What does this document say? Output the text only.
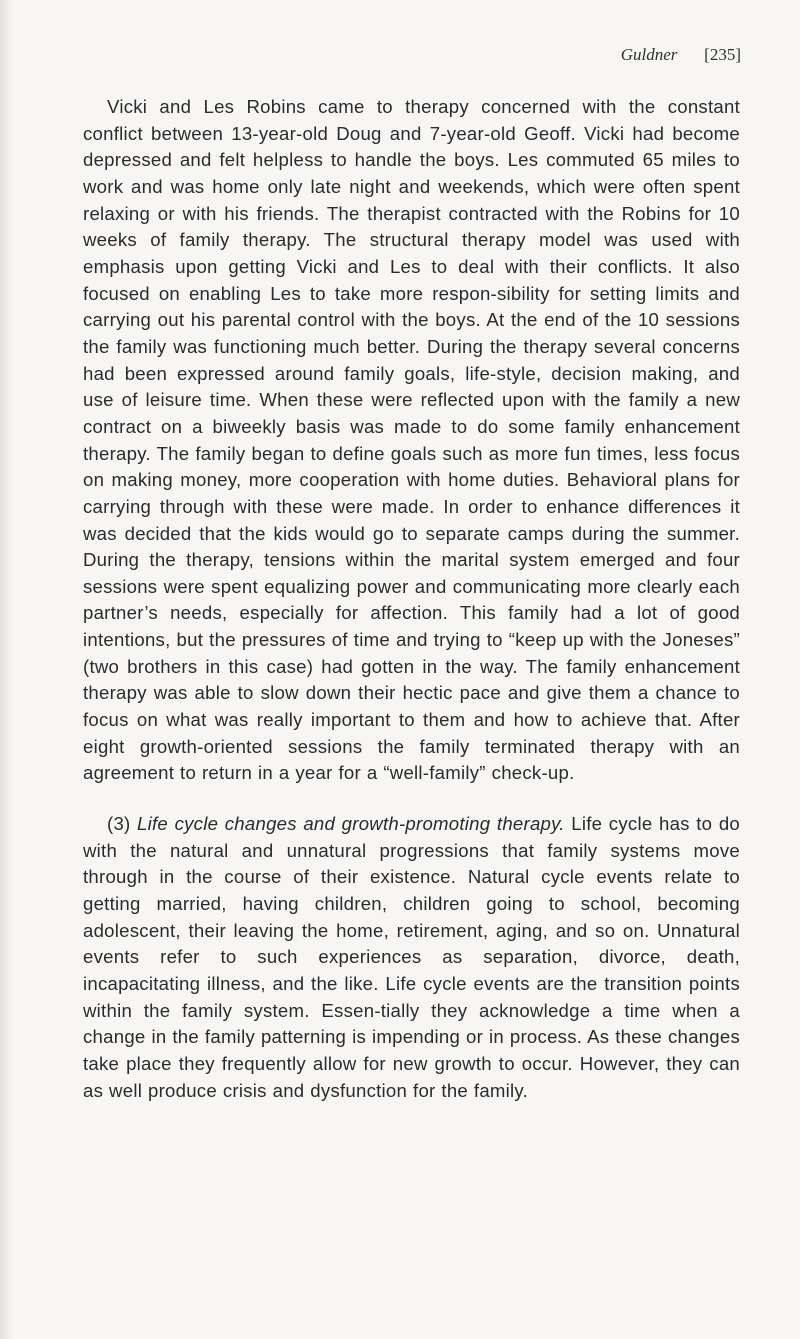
Guldner [235]

Vicki and Les Robins came to therapy concerned with the constant conflict between 13-year-old Doug and 7-year-old Geoff. Vicki had become depressed and felt helpless to handle the boys. Les commuted 65 miles to work and was home only late night and weekends, which were often spent relaxing or with his friends. The therapist contracted with the Robins for 10 weeks of family therapy. The structural therapy model was used with emphasis upon getting Vicki and Les to deal with their conflicts. It also focused on enabling Les to take more respon-sibility for setting limits and carrying out his parental control with the boys. At the end of the 10 sessions the family was functioning much better. During the therapy several concerns had been expressed around family goals, life-style, decision making, and use of leisure time. When these were reflected upon with the family a new contract on a biweekly basis was made to do some family enhancement therapy. The family began to define goals such as more fun times, less focus on making money, more cooperation with home duties. Behavioral plans for carrying through with these were made. In order to enhance differences it was decided that the kids would go to separate camps during the summer. During the therapy, tensions within the marital system emerged and four sessions were spent equalizing power and communicating more clearly each partner’s needs, especially for affection. This family had a lot of good intentions, but the pressures of time and trying to “keep up with the Joneses” (two brothers in this case) had gotten in the way. The family enhancement therapy was able to slow down their hectic pace and give them a chance to focus on what was really important to them and how to achieve that. After eight growth-oriented sessions the family terminated therapy with an agreement to return in a year for a “well-family” check-up.

(3) Life cycle changes and growth-promoting therapy. Life cycle has to do with the natural and unnatural progressions that family systems move through in the course of their existence. Natural cycle events relate to getting married, having children, children going to school, becoming adolescent, their leaving the home, retirement, aging, and so on. Unnatural events refer to such experiences as separation, divorce, death, incapacitating illness, and the like. Life cycle events are the transition points within the family system. Essen-tially they acknowledge a time when a change in the family patterning is impending or in process. As these changes take place they frequently allow for new growth to occur. However, they can as well produce crisis and dysfunction for the family.
